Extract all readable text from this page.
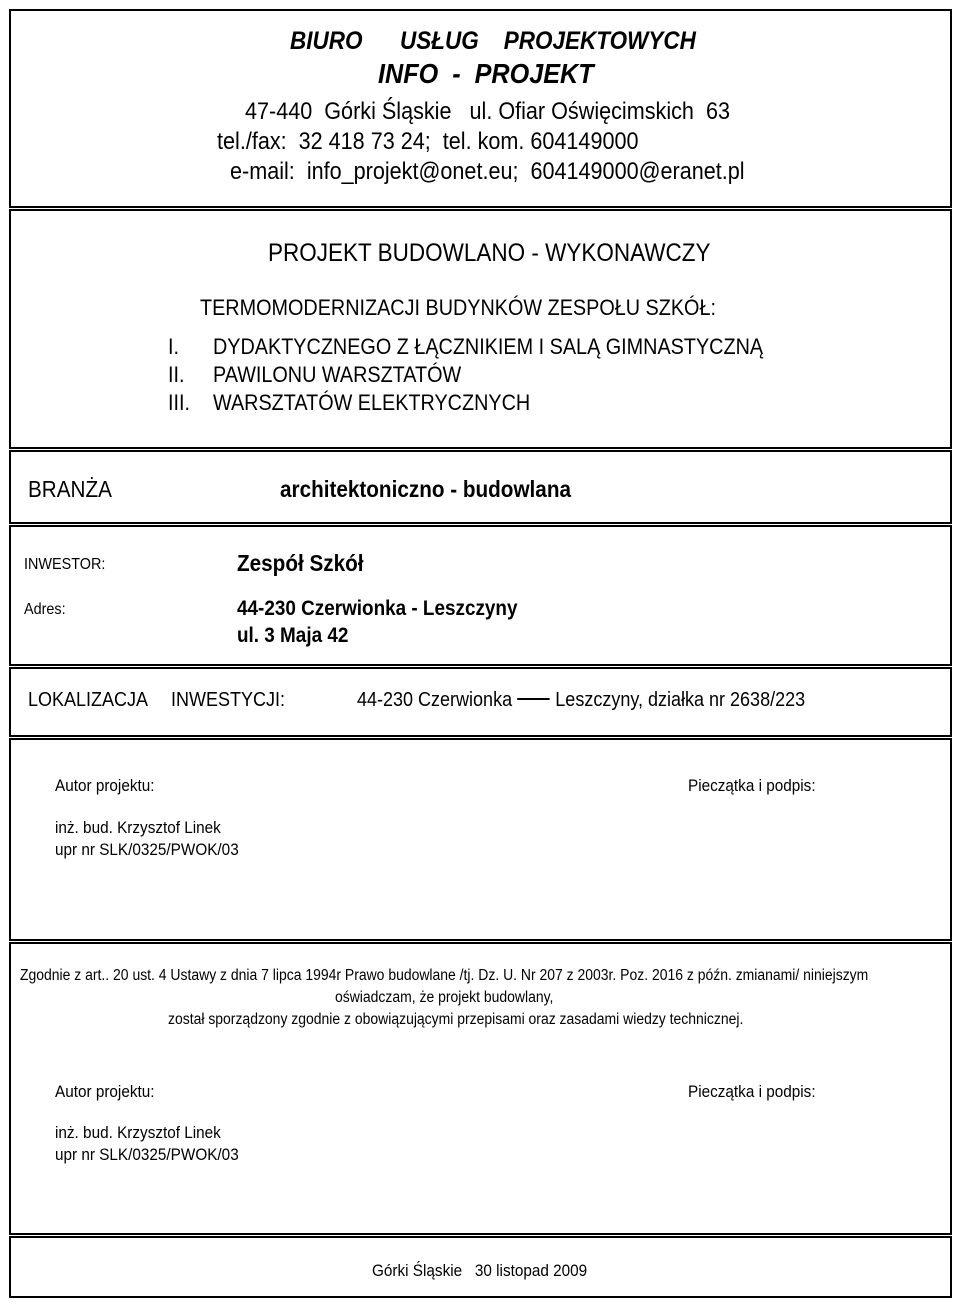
BIURO      USŁUG    PROJEKTOWYCH
INFO  -  PROJEKT
47-440  Górki Śląskie   ul. Ofiar Oświęcimskich  63
tel./fax:  32 418 73 24;  tel. kom. 604149000
e-mail:  info_projekt@onet.eu;  604149000@eranet.pl
PROJEKT BUDOWLANO - WYKONAWCZY
TERMOMODERNIZACJI BUDYNKÓW ZESPOŁU SZKÓŁ:
I. DYDAKTYCZNEGO Z ŁĄCZNIKIEM I SALĄ GIMNASTYCZNĄ
II. PAWILONU WARSZTATÓW
III. WARSZTATÓW ELEKTRYCZNYCH
BRANŻA	architektoniczno - budowlana
INWESTOR:	Zespół Szkół
Adres:	44-230 Czerwionka - Leszczyny
ul. 3 Maja 42
LOKALIZACJA INWESTYCJI:	44-230 Czerwionka Leszczyny, działka nr 2638/223
Autor projektu:	Pieczątka i podpis:
inż. bud. Krzysztof Linek
upr nr SLK/0325/PWOK/03
Zgodnie z art.. 20 ust. 4 Ustawy z dnia 7 lipca 1994r Prawo budowlane /tj. Dz. U. Nr 207 z 2003r. Poz. 2016 z późn. zmianami/ niniejszym
oświadczam, że projekt budowlany,
został sporządzony zgodnie z obowiązującymi przepisami oraz zasadami wiedzy technicznej.
Autor projektu:	Pieczątka i podpis:
inż. bud. Krzysztof Linek
upr nr SLK/0325/PWOK/03
Górki Śląskie   30 listopad 2009
